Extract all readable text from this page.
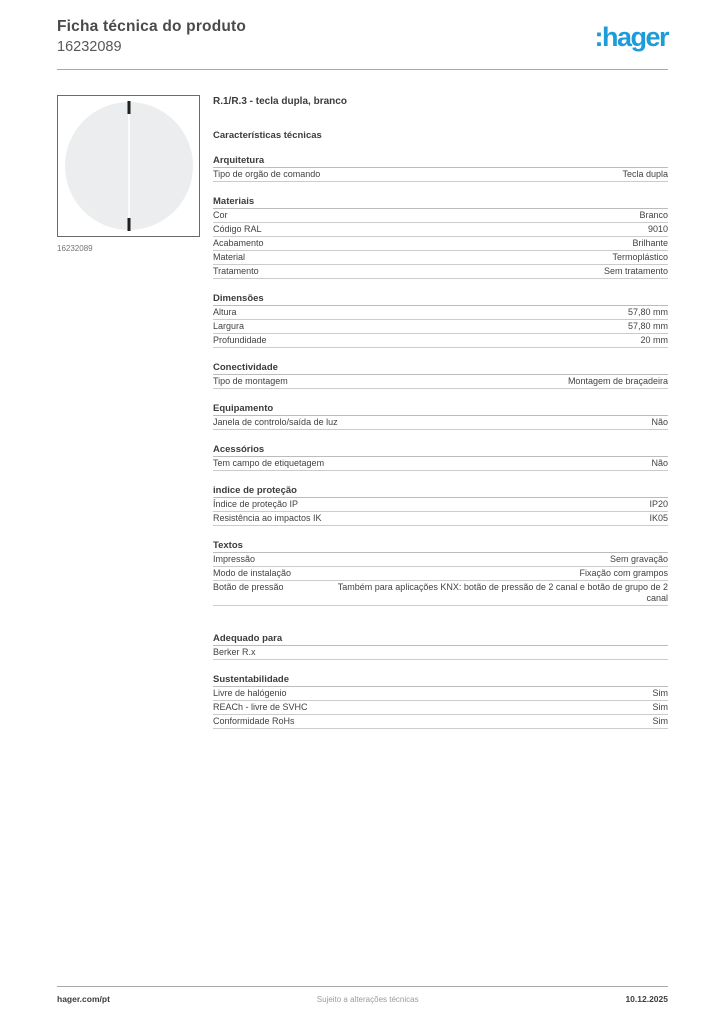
Ficha técnica do produto
16232089	:hager
16232089
R.1/R.3 - tecla dupla, branco
Características técnicas
Arquitetura
Tipo de orgão de comando	Tecla dupla
Materiais
Cor	Branco
Código RAL	9010
Acabamento	Brilhante
Material	Termoplástico
Tratamento	Sem tratamento
Dimensões
Altura	57,80 mm
Largura	57,80 mm
Profundidade	20 mm
Conectividade
Tipo de montagem	Montagem de braçadeira
Equipamento
Janela de controlo/saída de luz	Não
Acessórios
Tem campo de etiquetagem	Não
indice de proteção
Índice de proteção IP	IP20
Resistência ao impactos IK	IK05
Textos
Impressão	Sem gravação
Modo de instalação	Fixação com grampos
Botão de pressão	Também para aplicações KNX: botão de pressão de 2 canal e botão de grupo de 2 canal
Adequado para
Berker R.x
Sustentabilidade
Livre de halógenio	Sim
REACh - livre de SVHC	Sim
Conformidade RoHs	Sim
hager.com/pt	Sujeito a alterações técnicas	10.12.2025
